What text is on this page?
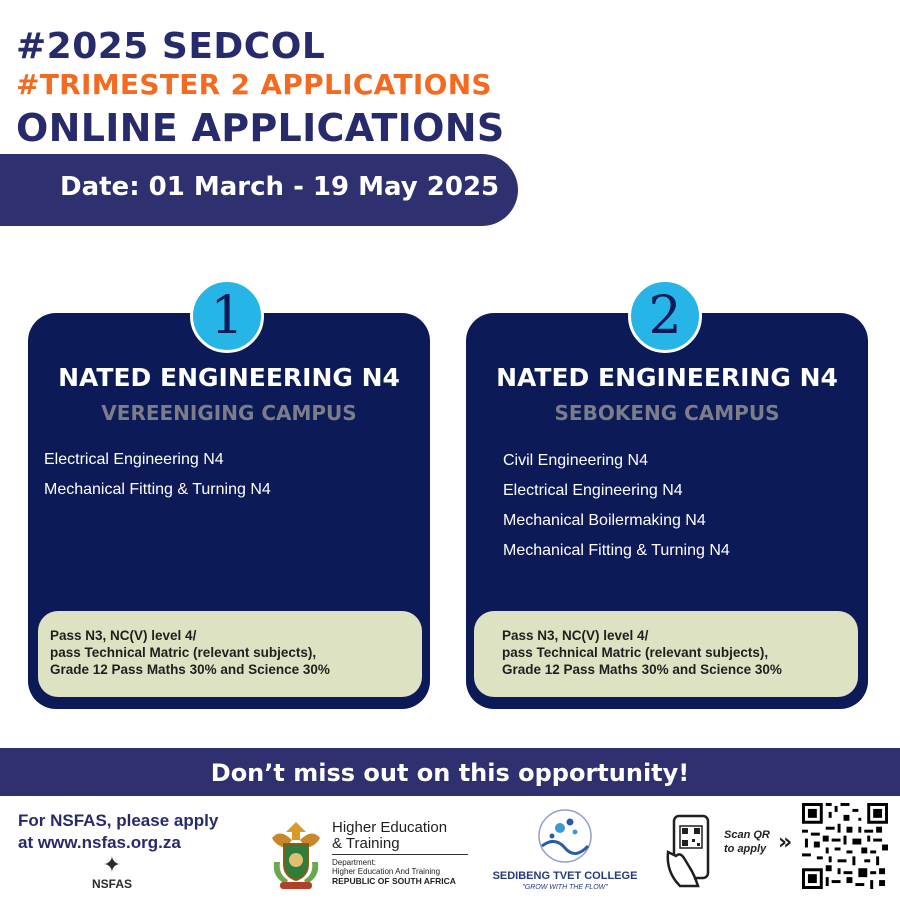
#2025 SEDCOL
#TRIMESTER 2 APPLICATIONS
ONLINE APPLICATIONS
Date: 01 March - 19 May 2025
1
NATED ENGINEERING N4
VEREENIGING CAMPUS
Electrical Engineering N4
Mechanical Fitting & Turning N4
Pass N3, NC(V) level 4/
pass Technical Matric (relevant subjects),
Grade 12 Pass Maths 30% and Science 30%
2
NATED ENGINEERING N4
SEBOKENG CAMPUS
Civil Engineering N4
Electrical Engineering N4
Mechanical Boilermaking N4
Mechanical Fitting & Turning N4
Pass N3, NC(V) level 4/
pass Technical Matric (relevant subjects),
Grade 12 Pass Maths 30% and Science 30%
Don’t miss out on this opportunity!
For NSFAS, please apply
at www.nsfas.org.za
✦
NSFAS
Higher Education
& Training
Department:
Higher Education And Training
REPUBLIC OF SOUTH AFRICA	SEDIBENG TVET COLLEGE
"GROW WITH THE FLOW"
Scan QR
to apply »
